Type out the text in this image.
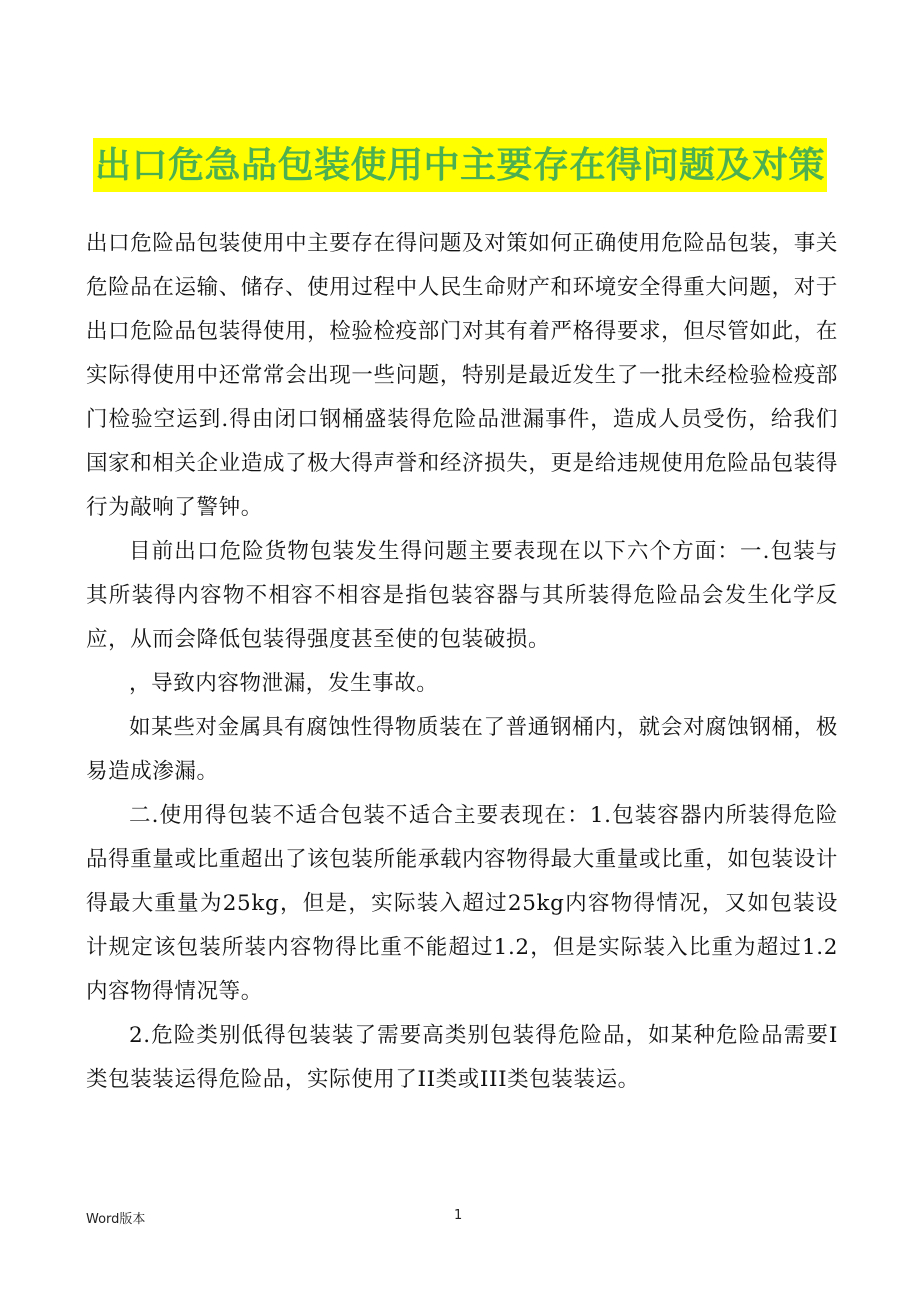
出口危急品包装使用中主要存在得问题及对策

出口危险品包装使用中主要存在得问题及对策如何正确使用危险品包装，事关危险品在运输、储存、使用过程中人民生命财产和环境安全得重大问题，对于出口危险品包装得使用，检验检疫部门对其有着严格得要求，但尽管如此，在实际得使用中还常常会出现一些问题，特别是最近发生了一批未经检验检疫部门检验空运到.得由闭口钢桶盛装得危险品泄漏事件，造成人员受伤，给我们国家和相关企业造成了极大得声誉和经济损失，更是给违规使用危险品包装得行为敲响了警钟。

目前出口危险货物包装发生得问题主要表现在以下六个方面：一.包装与其所装得内容物不相容不相容是指包装容器与其所装得危险品会发生化学反应，从而会降低包装得强度甚至使的包装破损。

，导致内容物泄漏，发生事故。

如某些对金属具有腐蚀性得物质装在了普通钢桶内，就会对腐蚀钢桶，极易造成渗漏。

二.使用得包装不适合包装不适合主要表现在：1.包装容器内所装得危险品得重量或比重超出了该包装所能承载内容物得最大重量或比重，如包装设计得最大重量为25kg，但是，实际装入超过25kg内容物得情况，又如包装设计规定该包装所装内容物得比重不能超过1.2，但是实际装入比重为超过1.2内容物得情况等。

2.危险类别低得包装装了需要高类别包装得危险品，如某种危险品需要I类包装装运得危险品，实际使用了II类或III类包装装运。

Word版本	1
